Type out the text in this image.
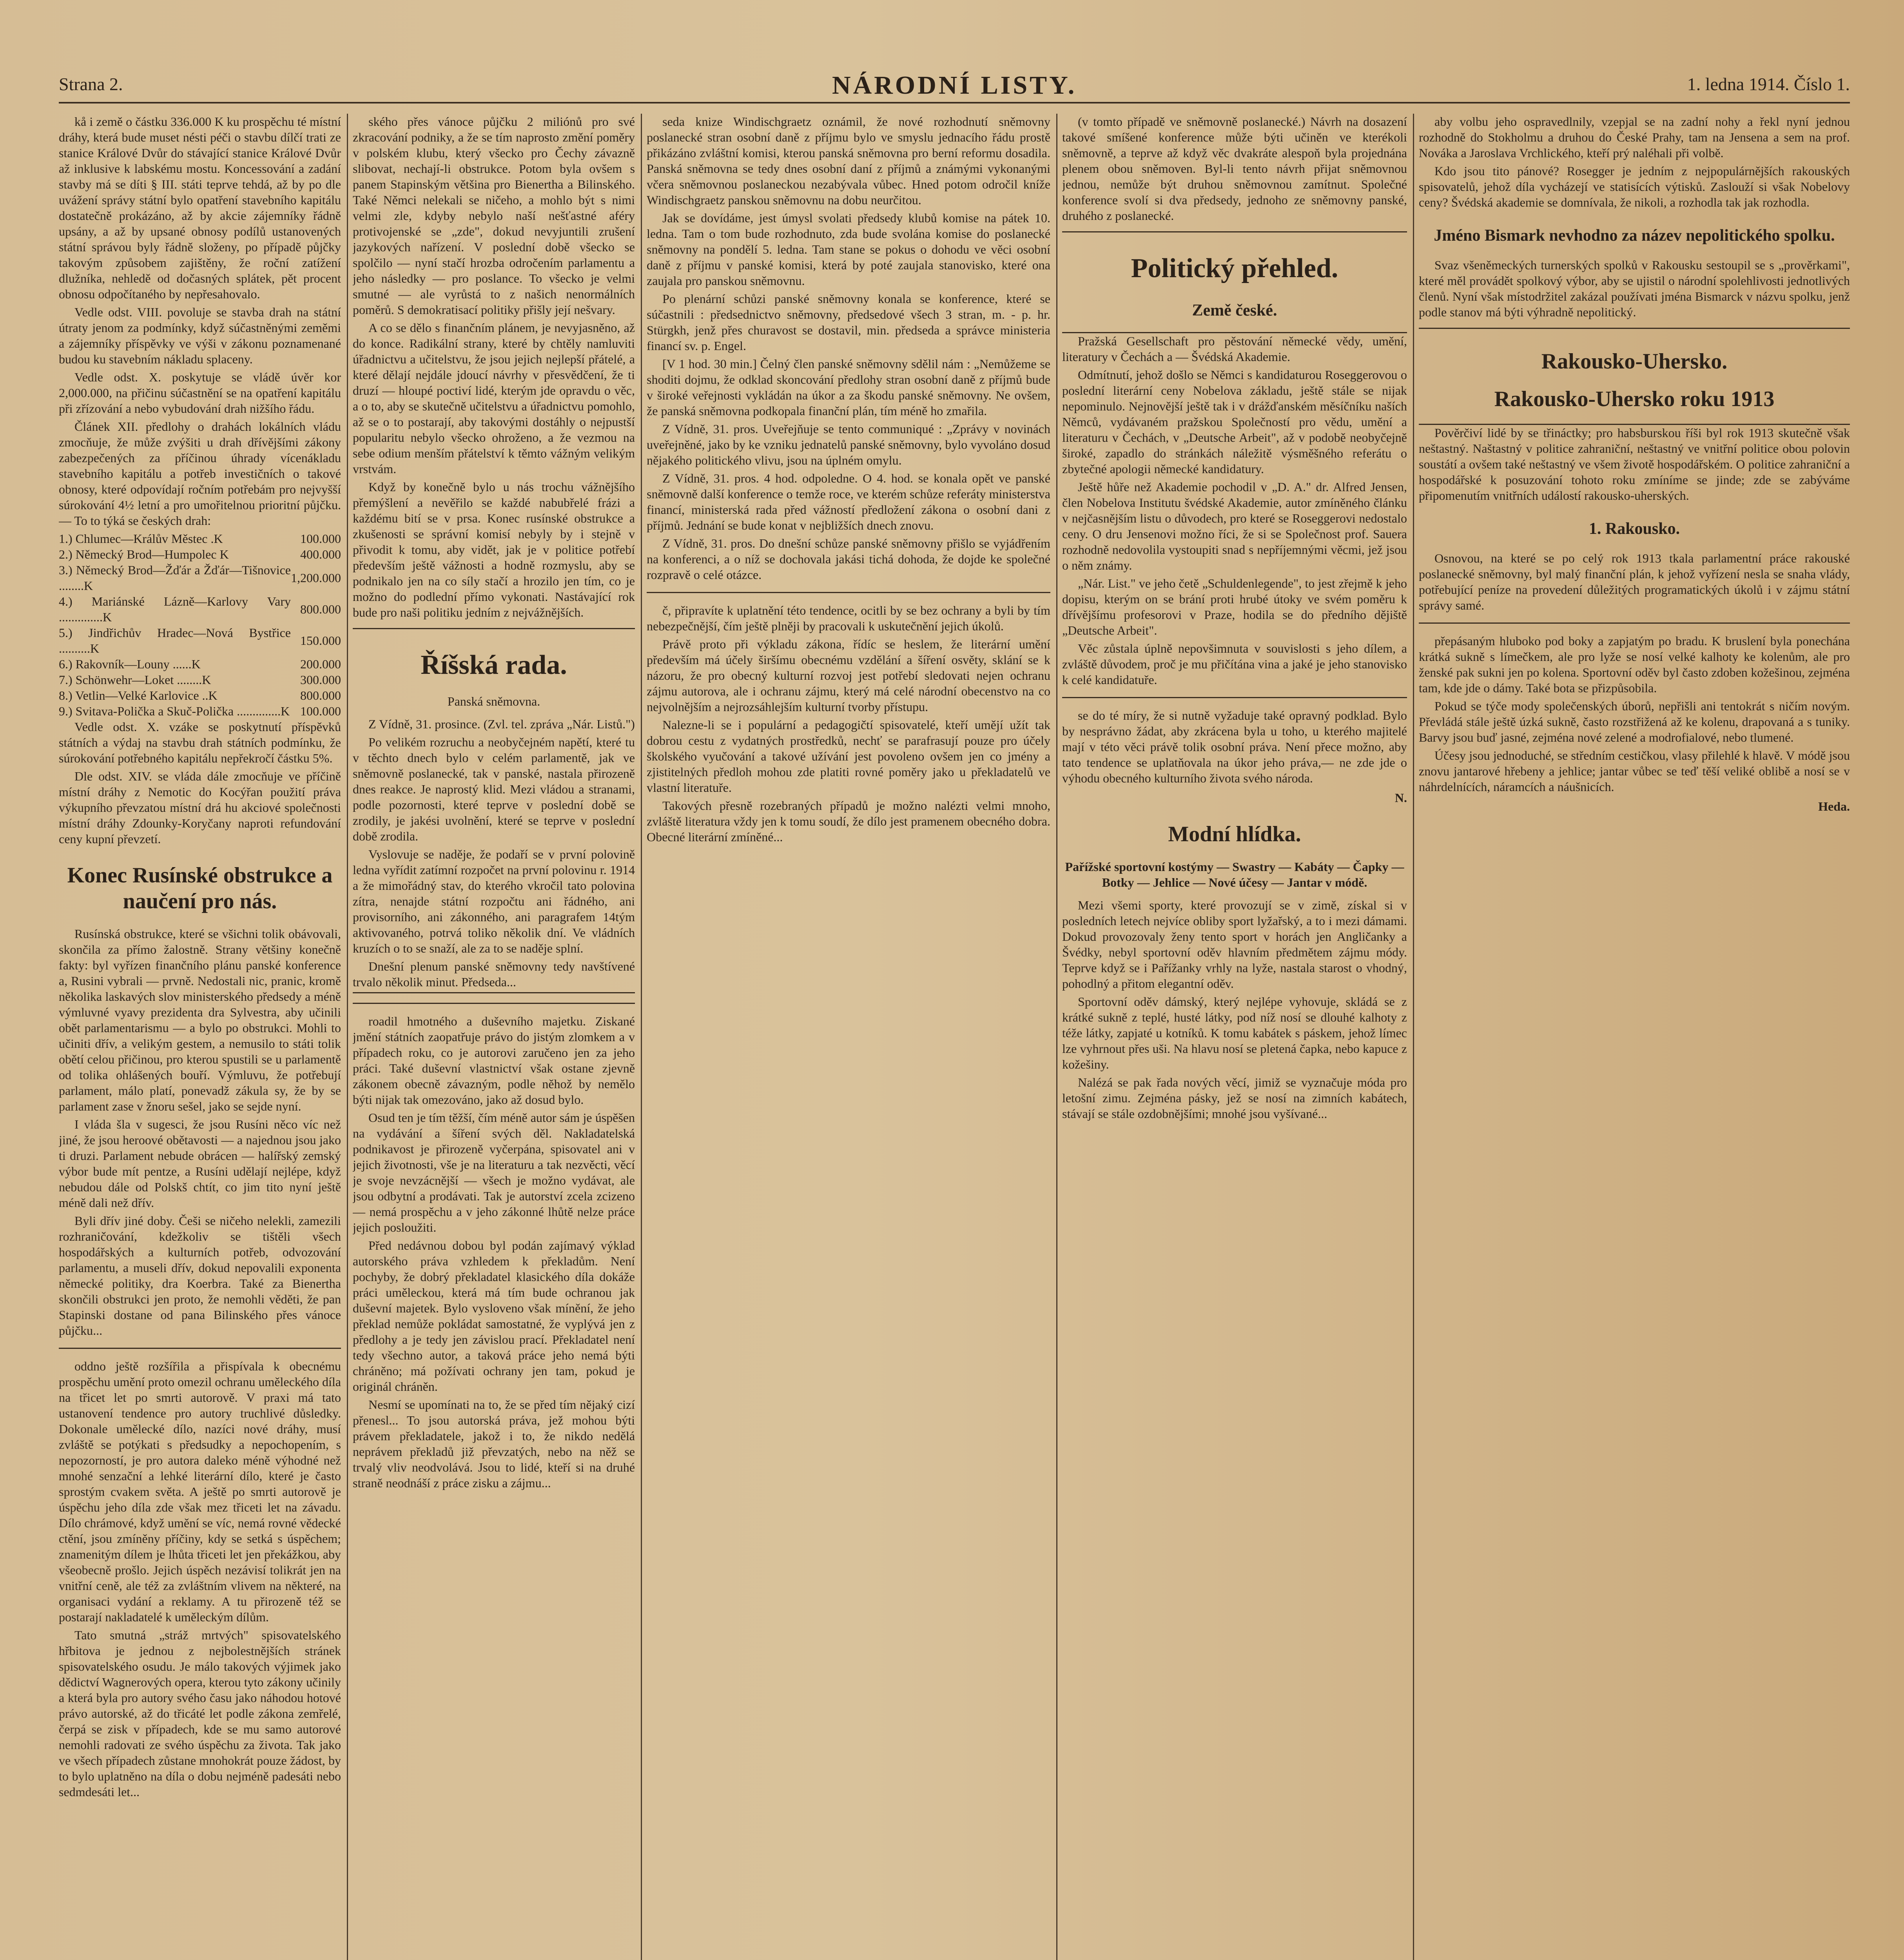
Strana 2.	NÁRODNÍ LISTY.	1. ledna 1914. Číslo 1.

kå i země o částku 336.000 K ku prospěchu té místní dráhy, která bude muset nésti péči o stavbu dílčí trati ze stanice Králové Dvůr do stávající stanice Králové Dvůr až inklusive k labskému mostu. Koncessování a zadání stavby má se díti § III. státi teprve tehdá, až by po dle uvážení správy státní bylo opatření stavebního kapitálu dostatečně prokázáno, až by akcie zájemníky řádně upsány, a až by upsané obnosy podílů ustanovených státní správou byly řádně složeny, po případě půjčky takovým způsobem zajištěny, že roční zatížení dlužníka, nehledě od dočasných splátek, pět procent obnosu odpočítaného by nepřesahovalo.

Vedle odst. VIII. povoluje se stavba drah na státní útraty jenom za podmínky, když súčastněnými zeměmi a zájemníky příspěvky ve výši v zákonu poznamenané budou ku stavebním nákladu splaceny.

Vedle odst. X. poskytuje se vládě úvěr kor 2,000.000, na přičinu súčastnění se na opatření kapitálu při zřízování a nebo vybudování drah nižšího řádu.

Článek XII. předlohy o drahách lokálních vládu zmocňuje, že může zvýšiti u drah dřívějšími zákony zabezpečených za příčinou úhrady vícenákladu stavebního kapitálu a potřeb investičních o takové obnosy, které odpovídají ročním potřebám pro nejvyšší súrokování 4½ letní a pro umořitelnou prioritní půjčku.— To to týká se českých drah:

1.) Chlumec—Králův Městec .K	100.000
2.) Německý Brod—Humpolec K	400.000
3.) Německý Brod—Žďár a Žďár—Tišnovice ........K	1,200.000
4.) Mariánské Lázně—Karlovy Vary ..............K	800.000
5.) Jindřichův Hradec—Nová Bystřice ..........K	150.000
6.) Rakovník—Louny ......K	200.000
7.) Schönwehr—Loket ........K	300.000
8.) Vetlin—Velké Karlovice ..K	800.000
9.) Svitava-Polička a Skuč-Polička ..............K	100.000

Vedle odst. X. vzáke se poskytnutí příspěvků státních a výdaj na stavbu drah státních podmínku, že súrokování potřebného kapitálu nepřekročí částku 5%.

Dle odst. XIV. se vláda dále zmocňuje ve příčině místní dráhy z Nemotic do Kocýřan použití práva výkupního převzatou místní drá hu akciové společnosti místní dráhy Zdounky-Koryčany naproti refundování ceny kupní převzetí.

Konec Rusínské obstrukce a naučení pro nás.

Rusínská obstrukce, které se všichni tolik obávovali, skončila za přímo žalostně. Strany většiny konečně fakty: byl vyřízen finančního plánu panské konference a, Rusini vybrali — prvně. Nedostali nic, pranic, kromě několika laskavých slov ministerského předsedy a méně výmluvné vyavy prezidenta dra Sylvestra, aby učinili obět parlamentarismu — a bylo po obstrukci. Mohli to učiniti dřív, a velikým gestem, a nemusilo to státi tolik obětí celou přičinou, pro kterou spustili se u parlamentě od tolika ohlášených bouří. Výmluvu, že potřebují parlament, málo platí, ponevadž zákula sy, že by se parlament zase v žnoru sešel, jako se sejde nyní.

I vláda šla v sugesci, že jsou Rusíni něco víc než jiné, že jsou heroové obětavosti — a najednou jsou jako ti druzi. Parlament nebude obrácen — halířský zemský výbor bude mít pentze, a Rusíni udělají nejlépe, když nebudou dále od Polskš chtít, co jim tito nyní ještě méně dali než dřív.

Byli dřív jiné doby. Češi se ničeho nelekli, zamezili rozhraničování, kdežkoliv se tištěli všech hospodářských a kulturních potřeb, odvozování parlamentu, a museli dřív, dokud nepovalili exponenta německé politiky, dra Koerbra. Také za Bienertha skončili obstrukci jen proto, že nemohli věděti, že pan Stapinski dostane od pana Bilinského přes vánoce půjčku...

oddno ještě rozšířila a přispívala k obecnému prospěchu umění proto omezil ochranu uměleckého díla na třicet let po smrti autorově. V praxi má tato ustanovení tendence pro autory truchlivé důsledky. Dokonale umělecké dílo, nazíci nové dráhy, musí zvláště se potýkati s předsudky a nepochopením, s nepozorností, je pro autora daleko méně výhodné než mnohé senzační a lehké literární dílo, které je často sprostým cvakem světa. A ještě po smrti autorově je úspěchu jeho díla zde však mez třiceti let na závadu. Dílo chrámové, když umění se víc, nemá rovné vědecké ctění, jsou zmíněny příčiny, kdy se setká s úspěchem; znamenitým dílem je lhůta třiceti let jen překážkou, aby všeobecně prošlo. Jejich úspěch nezávisí tolikrát jen na vnitřní ceně, ale též za zvláštním vlivem na některé, na organisaci vydání a reklamy. A tu přirozeně též se postarají nakladatelé k uměleckým dílům.

Tato smutná „stráž mrtvých" spisovatelského hřbitova je jednou z nejbolestnějších stránek spisovatelského osudu. Je málo takových výjimek jako dědictví Wagnerových opera, kterou tyto zákony učinily a která byla pro autory svého času jako náhodou hotové právo autorské, až do třicáté let podle zákona zemřelé, čerpá se zisk v případech, kde se mu samo autorové nemohli radovati ze svého úspěchu za života. Tak jako ve všech případech zůstane mnohokrát pouze žádost, by to bylo uplatněno na díla o dobu nejméně padesáti nebo sedmdesáti let...

ského přes vánoce půjčku 2 miliónů pro své zkracování podniky, a že se tím naprosto změní poměry v polském klubu, který všecko pro Čechy závazně slibovat, nechají-li obstrukce. Potom byla ovšem s panem Stapinským většina pro Bienertha a Bilinského. Také Němci nelekali se ničeho, a mohlo být s nimi velmi zle, kdyby nebylo naší nešťastné aféry protivojenské se „zde", dokud nevyjuntili zrušení jazykových nařízení. V poslední době všecko se spolčilo — nyní stačí hrozba odročením parlamentu a jeho následky — pro poslance. To všecko je velmi smutné — ale vyrůstá to z našich nenormálních poměrů. S demokratisací politiky přišly její nešvary.

A co se dělo s finančním plánem, je nevyjasněno, až do konce. Radikální strany, které by chtěly namluviti úřadnictvu a učitelstvu, že jsou jejich nejlepší přátelé, a které dělají nejdále jdoucí návrhy v přesvědčení, že ti druzí — hloupé poctiví lidé, kterým jde opravdu o věc, a o to, aby se skutečně učitelstvu a úřadnictvu pomohlo, až se o to postarají, aby takovými dostáhly o nejpustší popularitu nebylo všecko ohroženo, a že vezmou na sebe odium menším přátelství k těmto vážným velikým vrstvám.

Když by konečně bylo u nás trochu vážnějšího přemýšlení a nevěřilo se každé nabubřelé frázi a každému bití se v prsa. Konec rusínské obstrukce a zkušenosti se správní komisí nebyly by i stejně v přivodit k tomu, aby vidět, jak je v politice potřebí především ještě vážnosti a hodně rozmyslu, aby se podnikalo jen na co síly stačí a hrozilo jen tím, co je možno do podlední přímo vykonati. Nastávající rok bude pro naši politiku jedním z nejvážnějších.

Říšská rada.
Panská sněmovna.

Z Vídně, 31. prosince. (Zvl. tel. zpráva „Nár. Listů.")

Po velikém rozruchu a neobyčejném napětí, které tu v těchto dnech bylo v celém parlamentě, jak ve sněmovně poslanecké, tak v panské, nastala přirozeně dnes reakce. Je naprostý klid. Mezi vládou a stranami, podle pozornosti, které teprve v poslední době se zrodily, je jakési uvolnění, které se teprve v poslední době zrodila.

Vyslovuje se naděje, že podaří se v první polovině ledna vyřídit zatímní rozpočet na první polovinu r. 1914 a že mimořádný stav, do kterého vkročil tato polovina zítra, nenajde státní rozpočtu ani řádného, ani provisorního, ani zákonného, ani paragrafem 14tým aktivovaného, potrvá toliko několik dní. Ve vládních kruzích o to se snaží, ale za to se naděje splní.

Dnešní plenum panské sněmovny tedy navštívené trvalo několik minut. Předseda...

roadil hmotného a duševního majetku. Ziskané jmění státních zaopatřuje právo do jistým zlomkem a v případech roku, co je autorovi zaručeno jen za jeho práci. Také duševní vlastnictví však ostane zjevně zákonem obecně závazným, podle něhož by nemělo býti nijak tak omezováno, jako až dosud bylo.

Osud ten je tím těžší, čím méně autor sám je úspěšen na vydávání a šíření svých děl. Nakladatelská podnikavost je přirozeně vyčerpána, spisovatel ani v jejich životnosti, vše je na literaturu a tak nezvěcti, věcí je svoje nevzácnější — všech je možno vydávat, ale jsou odbytní a prodávati. Tak je autorství zcela zcizeno — nemá prospěchu a v jeho zákonné lhůtě nelze práce jejich posloužiti.

Před nedávnou dobou byl podán zajímavý výklad autorského práva vzhledem k překladům. Není pochyby, že dobrý překladatel klasického díla dokáže práci uměleckou, která má tím bude ochranou jak duševní majetek. Bylo vysloveno však mínění, že jeho překlad nemůže pokládat samostatné, že vyplývá jen z předlohy a je tedy jen závislou prací. Překladatel není tedy všechno autor, a taková práce jeho nemá býti chráněno; má požívati ochrany jen tam, pokud je originál chráněn.

Nesmí se upomínati na to, že se před tím nějaký cizí přenesl... To jsou autorská práva, jež mohou býti právem překladatele, jakož i to, že nikdo nedělá neprávem překladů již převzatých, nebo na něž se trvalý vliv neodvolává. Jsou to lidé, kteří si na druhé straně neodnáší z práce zisku a zájmu...

seda knize Windischgraetz oznámil, že nové rozhodnutí sněmovny poslanecké stran osobní daně z příjmu bylo ve smyslu jednacího řádu prostě přikázáno zvláštní komisi, kterou panská sněmovna pro berní reformu dosadila. Panská sněmovna se tedy dnes osobní daní z příjmů a známými vykonanými včera sněmovnou poslaneckou nezabývala vůbec. Hned potom odročil kníže Windischgraetz panskou sněmovnu na dobu neurčitou.

Jak se dovídáme, jest úmysl svolati předsedy klubů komise na pátek 10. ledna. Tam o tom bude rozhodnuto, zda bude svolána komise do poslanecké sněmovny na pondělí 5. ledna. Tam stane se pokus o dohodu ve věci osobní daně z příjmu v panské komisi, která by poté zaujala stanovisko, které ona zaujala pro panskou sněmovnu.

Po plenární schůzi panské sněmovny konala se konference, které se súčastnili : předsednictvo sněmovny, předsedové všech 3 stran, m. - p. hr. Stürgkh, jenž přes churavost se dostavil, min. předseda a správce ministeria financí sv. p. Engel.

[V 1 hod. 30 min.] Čelný člen panské sněmovny sdělil nám : „Nemůžeme se shoditi dojmu, že odklad skoncování předlohy stran osobní daně z příjmů bude v široké veřejnosti vykládán na úkor a za škodu panské sněmovny. Ne ovšem, že panská sněmovna podkopala finanční plán, tím méně ho zmařila.

Z Vídně, 31. pros. Uveřejňuje se tento communiqué : „Zprávy v novinách uveřejněné, jako by ke vzniku jednatelů panské sněmovny, bylo vyvoláno dosud nějakého politického vlivu, jsou na úplném omylu.

Z Vídně, 31. pros. 4 hod. odpoledne. O 4. hod. se konala opět ve panské sněmovně další konference o temže roce, ve kterém schůze referáty ministerstva financí, ministerská rada před vážností předložení zákona o osobní dani z příjmů. Jednání se bude konat v nejbližších dnech znovu.

Z Vídně, 31. pros. Do dnešní schůze panské sněmovny přišlo se vyjádřením na konferenci, a o níž se dochovala jakási tichá dohoda, že dojde ke společné rozpravě o celé otázce.

č, připravíte k uplatnění této tendence, ocitli by se bez ochrany a byli by tím nebezpečnější, čím ještě plněji by pracovali k uskutečnění jejich úkolů.

Právě proto při výkladu zákona, řídíc se heslem, že literární umění především má účely širšímu obecnému vzdělání a šíření osvěty, sklání se k názoru, že pro obecný kulturní rozvoj jest potřebí sledovati nejen ochranu zájmu autorova, ale i ochranu zájmu, který má celé národní obecenstvo na co nejvolnějším a nejrozsáhlejším kulturní tvorby přístupu.

Nalezne-li se i populární a pedagogičtí spisovatelé, kteří umějí užít tak dobrou cestu z vydatných prostředků, nechť se parafrasují pouze pro účely školského vyučování a takové užívání jest povoleno ovšem jen co jmény a zjistitelných předloh mohou zde platiti rovné poměry jako u překladatelů ve vlastní literatuře.

Takových přesně rozebraných případů je možno nalézti velmi mnoho, zvláště literatura vždy jen k tomu soudí, že dílo jest pramenem obecného dobra. Obecné literární zmíněné...

(v tomto případě ve sněmovně poslanecké.) Návrh na dosazení takové smíšené konference může býti učiněn ve kterékoli sněmovně, a teprve až když věc dvakráte alespoň byla projednána plenem obou sněmoven. Byl-li tento návrh přijat sněmovnou jednou, nemůže být druhou sněmovnou zamítnut. Společné konference svolí si dva předsedy, jednoho ze sněmovny panské, druhého z poslanecké.

Politický přehled.
Země české.

Pražská Gesellschaft pro pěstování německé vědy, umění, literatury v Čechách a — Švédská Akademie.

Odmítnutí, jehož došlo se Němci s kandidaturou Roseggerovou o poslední literární ceny Nobelova základu, ještě stále se nijak nepominulo. Nejnovější ještě tak i v drážďanském měsíčníku naších Němců, vydávaném pražskou Společností pro vědu, umění a literaturu v Čechách, v „Deutsche Arbeit", až v podobě neobyčejně široké, zapadlo do stránkách náležitě výsměšného referátu o zbytečné apologii německé kandidatury.

Ještě hůře než Akademie pochodil v „D. A." dr. Alfred Jensen, člen Nobelova Institutu švédské Akademie, autor zmíněného článku v nejčasnějším listu o důvodech, pro které se Roseggerovi nedostalo ceny. O dru Jensenovi možno říci, že si se Společnost prof. Sauera rozhodně nedovolila vystoupiti snad s nepříjemnými věcmi, jež jsou o něm známy.

„Nár. List." ve jeho četě „Schuldenlegende", to jest zřejmě k jeho dopisu, kterým on se brání proti hrubé útoky ve svém poměru k dřívějšímu profesorovi v Praze, hodila se do předního dějiště „Deutsche Arbeit".

Věc zůstala úplně nepovšimnuta v souvislosti s jeho dílem, a zvláště důvodem, proč je mu přičítána vina a jaké je jeho stanovisko k celé kandidatuře.

se do té míry, že si nutně vyžaduje také opravný podklad. Bylo by nesprávno žádat, aby zkrácena byla u toho, u kterého majitelé mají v této věci právě tolik osobní práva. Není přece možno, aby tato tendence se uplatňovala na úkor jeho práva,— ne zde jde o výhodu obecného kulturního života svého národa.

N.
Modní hlídka.
Pařížské sportovní kostýmy — Swastry — Kabáty — Čapky — Botky — Jehlice — Nové účesy — Jantar v módě.

Mezi všemi sporty, které provozují se v zimě, získal si v posledních letech nejvíce obliby sport lyžařský, a to i mezi dámami. Dokud provozovaly ženy tento sport v horách jen Angličanky a Švédky, nebyl sportovní oděv hlavním předmětem zájmu módy. Teprve když se i Pařížanky vrhly na lyže, nastala starost o vhodný, pohodlný a přitom elegantní oděv.

Sportovní oděv dámský, který nejlépe vyhovuje, skládá se z krátké sukně z teplé, husté látky, pod níž nosí se dlouhé kalhoty z téže látky, zapjaté u kotníků. K tomu kabátek s páskem, jehož límec lze vyhrnout přes uši. Na hlavu nosí se pletená čapka, nebo kapuce z kožešiny.

Nalézá se pak řada nových věcí, jimiž se vyznačuje móda pro letošní zimu. Zejména pásky, jež se nosí na zimních kabátech, stávají se stále ozdobnějšími; mnohé jsou vyšívané...

aby volbu jeho ospravedlnily, vzepjal se na zadní nohy a řekl nyní jednou rozhodně do Stokholmu a druhou do České Prahy, tam na Jensena a sem na prof. Nováka a Jaroslava Vrchlického, kteří prý naléhali při volbě.

Kdo jsou tito pánové? Rosegger je jedním z nejpopulárnějších rakouských spisovatelů, jehož díla vycházejí ve statisících výtisků. Zaslouží si však Nobelovy ceny? Švédská akademie se domnívala, že nikoli, a rozhodla tak jak rozhodla.

Jméno Bismark nevhodno za název nepolitického spolku.

Svaz všeněmeckých turnerských spolků v Rakousku sestoupil se s „prověrkami", které měl provádět spolkový výbor, aby se ujistil o národní spolehlivosti jednotlivých členů. Nyní však místodržitel zakázal používati jména Bismarck v názvu spolku, jenž podle stanov má býti výhradně nepolitický.

Rakousko-Uhersko.
Rakousko-Uhersko roku 1913

Pověrčiví lidé by se třináctky; pro habsburskou říši byl rok 1913 skutečně však neštastný. Naštastný v politice zahraniční, neštastný ve vnitřní politice obou polovin soustátí a ovšem také neštastný ve všem životě hospodářském. O politice zahraniční a hospodářské k posuzování tohoto roku zmíníme se jinde; zde se zabýváme připomenutím vnitřních událostí rakousko-uherských.

1. Rakousko.

Osnovou, na které se po celý rok 1913 tkala parlamentní práce rakouské poslanecké sněmovny, byl malý finanční plán, k jehož vyřízení nesla se snaha vlády, potřebující peníze na provedení důležitých programatických úkolů i v zájmu státní správy samé.

přepásaným hluboko pod boky a zapjatým po bradu. K bruslení byla ponechána krátká sukně s límečkem, ale pro lyže se nosí velké kalhoty ke kolenům, ale pro ženské pak sukni jen po kolena. Sportovní oděv byl často zdoben kožešinou, zejména tam, kde jde o dámy. Také bota se přizpůsobila.

Pokud se týče mody společenských úborů, nepřišli ani tentokrát s ničím novým. Převládá stále ještě úzká sukně, často rozstřižená až ke kolenu, drapovaná a s tuniky. Barvy jsou buď jasné, zejména nové zelené a modrofialové, nebo tlumené.

Účesy jsou jednoduché, se středním cestičkou, vlasy přilehlé k hlavě. V módě jsou znovu jantarové hřebeny a jehlice; jantar vůbec se teď těší veliké oblibě a nosí se v náhrdelnících, náramcích a náušnicích.

Heda.
